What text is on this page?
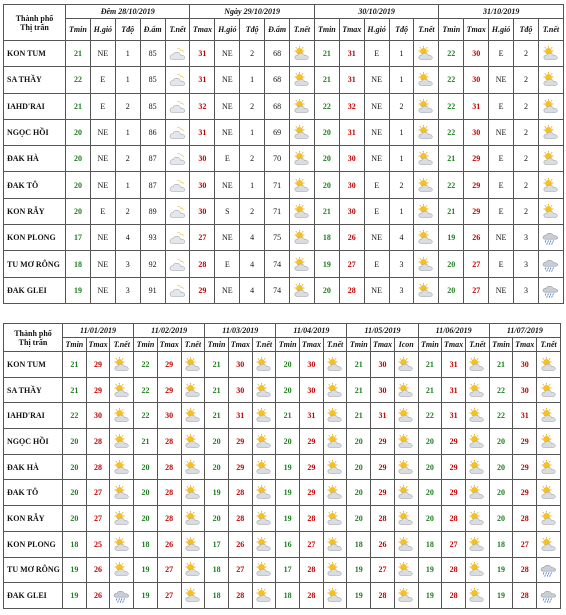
Thành phố
Thị trấn	Đêm 28/10/2019					Ngày 29/10/2019					30/10/2019					31/10/2019				
	Tmin	H.gió	Tđộ	Đ.ẩm	T.nết	Tmax	H.gió	Tđộ	Đ.ẩm	T.nết	Tmin	Tmax	H.gió	Tđộ	T.nết	Tmin	Tmax	H.gió	Tđộ	T.nết
KON TUM	21	NE	1	85		31	NE	2	68		21	31	E	1		22	30	E	2	

SA THẦY	22	E	1	85		31	NE	1	68		21	31	NE	1		22	30	NE	2	

IAHD'RAI	21	E	2	85		32	NE	2	68		22	32	NE	2		22	31	E	2	

NGỌC HỒI	20	NE	1	86		31	NE	1	69		20	31	NE	1		22	30	NE	2	

ĐAK HÀ	20	NE	2	87		30	E	2	70		20	30	NE	1		21	29	E	2	

ĐAK TÔ	20	NE	1	87		30	NE	1	71		20	30	E	2		22	29	E	2	

KON RẪY	20	E	2	89		30	S	2	71		21	30	E	1		21	29	E	2	

KON PLONG	17	NE	4	93		27	NE	4	75		18	26	NE	4		19	26	NE	3	

TU MƠ RÔNG	18	NE	3	92		28	E	4	74		19	27	E	3		20	27	E	3	

ĐAK GLEI	19	NE	3	91		29	NE	4	74		20	28	NE	3		20	27	NE	3	
Thành phố
Thị trấn	11/01/2019			11/02/2019			11/03/2019			11/04/2019			11/05/2019			11/06/2019			11/07/2019		
	Tmin	Tmax	T.nết	Tmin	Tmax	T.nết	Tmin	Tmax	T.nết	Tmin	Tmax	T.nết	Tmin	Tmax	Icon	Tmin	Tmax	T.nết	Tmin	Tmax	T.nết
KON TUM	21	29		22	29		21	30		20	30		21	30		21	31		21	30	

SA THẦY	21	29		22	29		21	30		20	30		21	30		21	31		22	30	

IAHD'RAI	22	30		22	30		21	31		21	31		21	31		22	31		22	31	

NGỌC HỒI	20	28		21	28		20	29		20	29		20	29		20	29		20	29	

ĐAK HÀ	20	28		20	28		20	29		19	29		20	29		20	29		20	29	

ĐAK TÔ	20	27		20	28		19	28		19	29		20	29		20	29		20	29	

KON RẪY	20	27		20	28		20	28		19	28		20	28		20	28		20	28	

KON PLONG	18	25		18	26		17	26		16	27		18	26		18	27		18	27	

TU MƠ RÔNG	19	26		19	27		18	27		17	28		19	27		19	28		19	28	

ĐAK GLEI	19	26		19	27		18	28		18	28		19	28		19	28		19	28	
